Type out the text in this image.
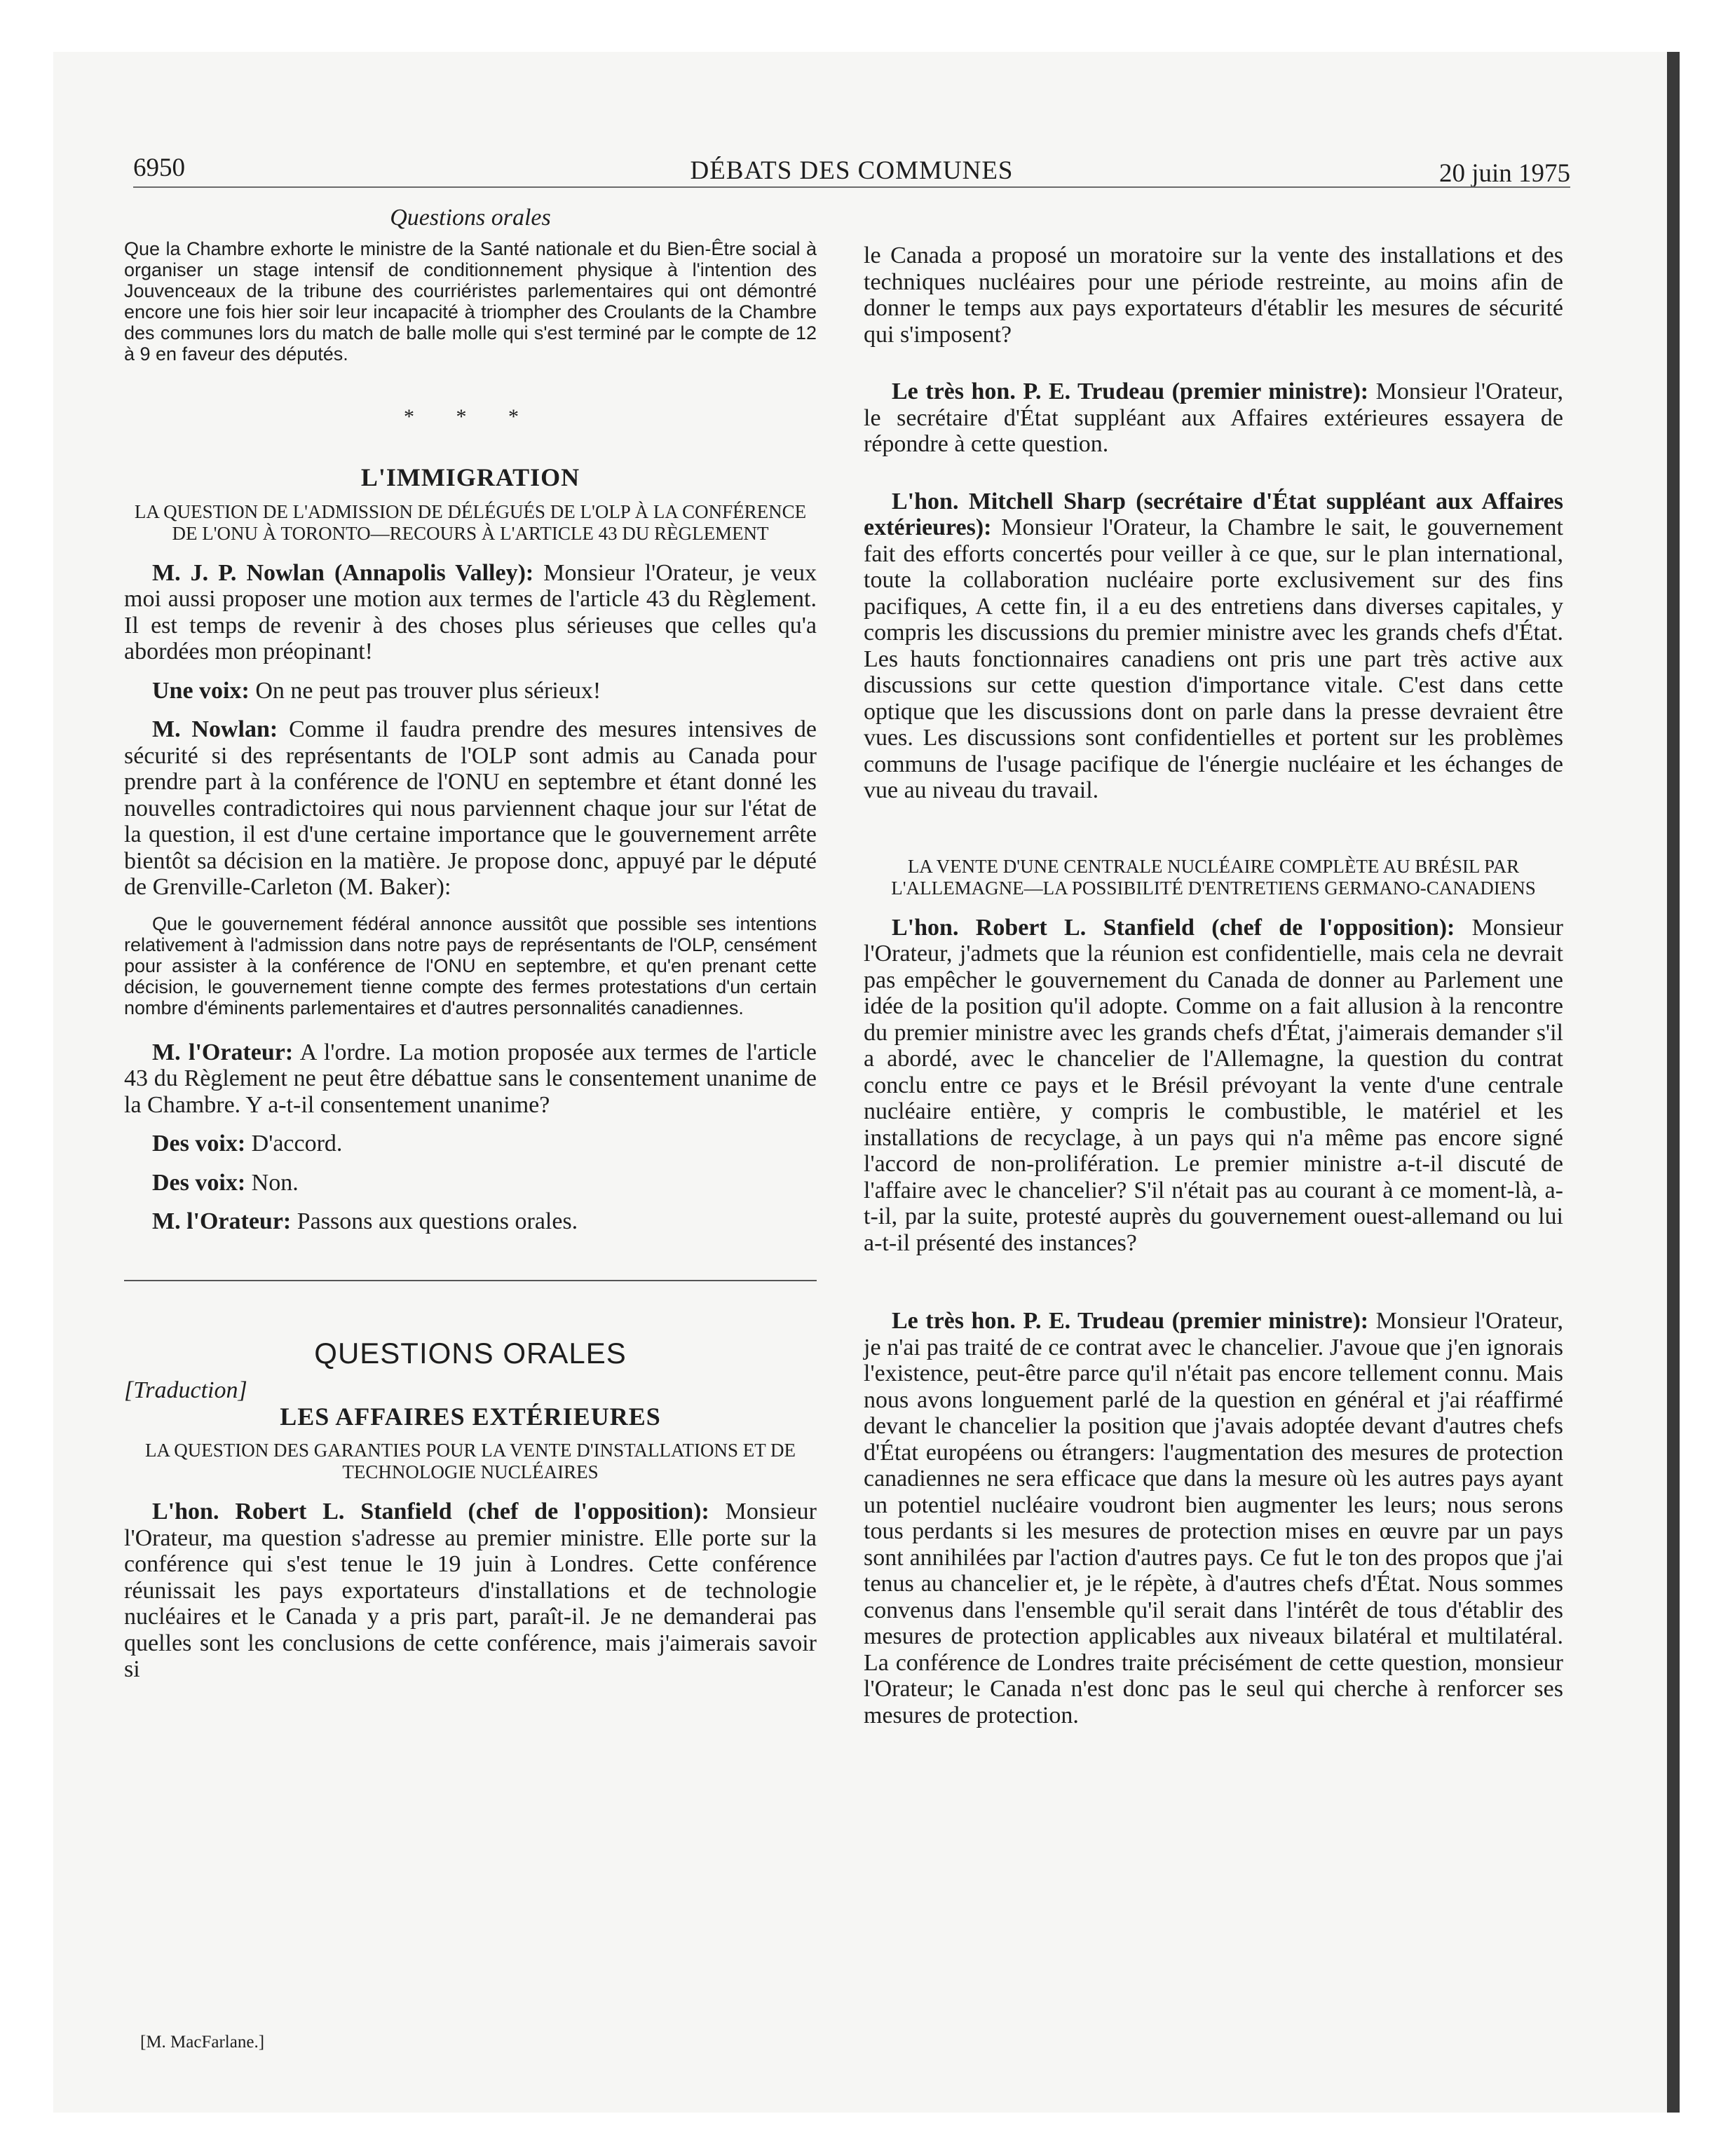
6950	DÉBATS DES COMMUNES	20 juin 1975
Questions orales

Que la Chambre exhorte le ministre de la Santé nationale et du Bien-Être social à organiser un stage intensif de conditionnement physique à l'intention des Jouvenceaux de la tribune des courriéristes parlementaires qui ont démontré encore une fois hier soir leur incapacité à triompher des Croulants de la Chambre des communes lors du match de balle molle qui s'est terminé par le compte de 12 à 9 en faveur des députés.

* * *
L'IMMIGRATION
LA QUESTION DE L'ADMISSION DE DÉLÉGUÉS DE L'OLP À LA CONFÉRENCE DE L'ONU À TORONTO—RECOURS À L'ARTICLE 43 DU RÈGLEMENT

M. J. P. Nowlan (Annapolis Valley): Monsieur l'Orateur, je veux moi aussi proposer une motion aux termes de l'article 43 du Règlement. Il est temps de revenir à des choses plus sérieuses que celles qu'a abordées mon préopinant!

Une voix: On ne peut pas trouver plus sérieux!

M. Nowlan: Comme il faudra prendre des mesures intensives de sécurité si des représentants de l'OLP sont admis au Canada pour prendre part à la conférence de l'ONU en septembre et étant donné les nouvelles contradictoires qui nous parviennent chaque jour sur l'état de la question, il est d'une certaine importance que le gouvernement arrête bientôt sa décision en la matière. Je propose donc, appuyé par le député de Grenville-Carleton (M. Baker):

Que le gouvernement fédéral annonce aussitôt que possible ses intentions relativement à l'admission dans notre pays de représentants de l'OLP, censément pour assister à la conférence de l'ONU en septembre, et qu'en prenant cette décision, le gouvernement tienne compte des fermes protestations d'un certain nombre d'éminents parlementaires et d'autres personnalités canadiennes.

M. l'Orateur: A l'ordre. La motion proposée aux termes de l'article 43 du Règlement ne peut être débattue sans le consentement unanime de la Chambre. Y a-t-il consentement unanime?

Des voix: D'accord.

Des voix: Non.

M. l'Orateur: Passons aux questions orales.

QUESTIONS ORALES

[Traduction]

LES AFFAIRES EXTÉRIEURES
LA QUESTION DES GARANTIES POUR LA VENTE D'INSTALLATIONS ET DE TECHNOLOGIE NUCLÉAIRES

L'hon. Robert L. Stanfield (chef de l'opposition): Monsieur l'Orateur, ma question s'adresse au premier ministre. Elle porte sur la conférence qui s'est tenue le 19 juin à Londres. Cette conférence réunissait les pays exportateurs d'installations et de technologie nucléaires et le Canada y a pris part, paraît-il. Je ne demanderai pas quelles sont les conclusions de cette conférence, mais j'aimerais savoir si

le Canada a proposé un moratoire sur la vente des installations et des techniques nucléaires pour une période restreinte, au moins afin de donner le temps aux pays exportateurs d'établir les mesures de sécurité qui s'imposent?

Le très hon. P. E. Trudeau (premier ministre): Monsieur l'Orateur, le secrétaire d'État suppléant aux Affaires extérieures essayera de répondre à cette question.

L'hon. Mitchell Sharp (secrétaire d'État suppléant aux Affaires extérieures): Monsieur l'Orateur, la Chambre le sait, le gouvernement fait des efforts concertés pour veiller à ce que, sur le plan international, toute la collaboration nucléaire porte exclusivement sur des fins pacifiques, A cette fin, il a eu des entretiens dans diverses capitales, y compris les discussions du premier ministre avec les grands chefs d'État. Les hauts fonctionnaires canadiens ont pris une part très active aux discussions sur cette question d'importance vitale. C'est dans cette optique que les discussions dont on parle dans la presse devraient être vues. Les discussions sont confidentielles et portent sur les problèmes communs de l'usage pacifique de l'énergie nucléaire et les échanges de vue au niveau du travail.

LA VENTE D'UNE CENTRALE NUCLÉAIRE COMPLÈTE AU BRÉSIL PAR L'ALLEMAGNE—LA POSSIBILITÉ D'ENTRETIENS GERMANO-CANADIENS

L'hon. Robert L. Stanfield (chef de l'opposition): Monsieur l'Orateur, j'admets que la réunion est confidentielle, mais cela ne devrait pas empêcher le gouvernement du Canada de donner au Parlement une idée de la position qu'il adopte. Comme on a fait allusion à la rencontre du premier ministre avec les grands chefs d'État, j'aimerais demander s'il a abordé, avec le chancelier de l'Allemagne, la question du contrat conclu entre ce pays et le Brésil prévoyant la vente d'une centrale nucléaire entière, y compris le combustible, le matériel et les installations de recyclage, à un pays qui n'a même pas encore signé l'accord de non-prolifération. Le premier ministre a-t-il discuté de l'affaire avec le chancelier? S'il n'était pas au courant à ce moment-là, a-t-il, par la suite, protesté auprès du gouvernement ouest-allemand ou lui a-t-il présenté des instances?

Le très hon. P. E. Trudeau (premier ministre): Monsieur l'Orateur, je n'ai pas traité de ce contrat avec le chancelier. J'avoue que j'en ignorais l'existence, peut-être parce qu'il n'était pas encore tellement connu. Mais nous avons longuement parlé de la question en général et j'ai réaffirmé devant le chancelier la position que j'avais adoptée devant d'autres chefs d'État européens ou étrangers: l'augmentation des mesures de protection canadiennes ne sera efficace que dans la mesure où les autres pays ayant un potentiel nucléaire voudront bien augmenter les leurs; nous serons tous perdants si les mesures de protection mises en œuvre par un pays sont annihilées par l'action d'autres pays. Ce fut le ton des propos que j'ai tenus au chancelier et, je le répète, à d'autres chefs d'État. Nous sommes convenus dans l'ensemble qu'il serait dans l'intérêt de tous d'établir des mesures de protection applicables aux niveaux bilatéral et multilatéral. La conférence de Londres traite précisément de cette question, monsieur l'Orateur; le Canada n'est donc pas le seul qui cherche à renforcer ses mesures de protection.

[M. MacFarlane.]
